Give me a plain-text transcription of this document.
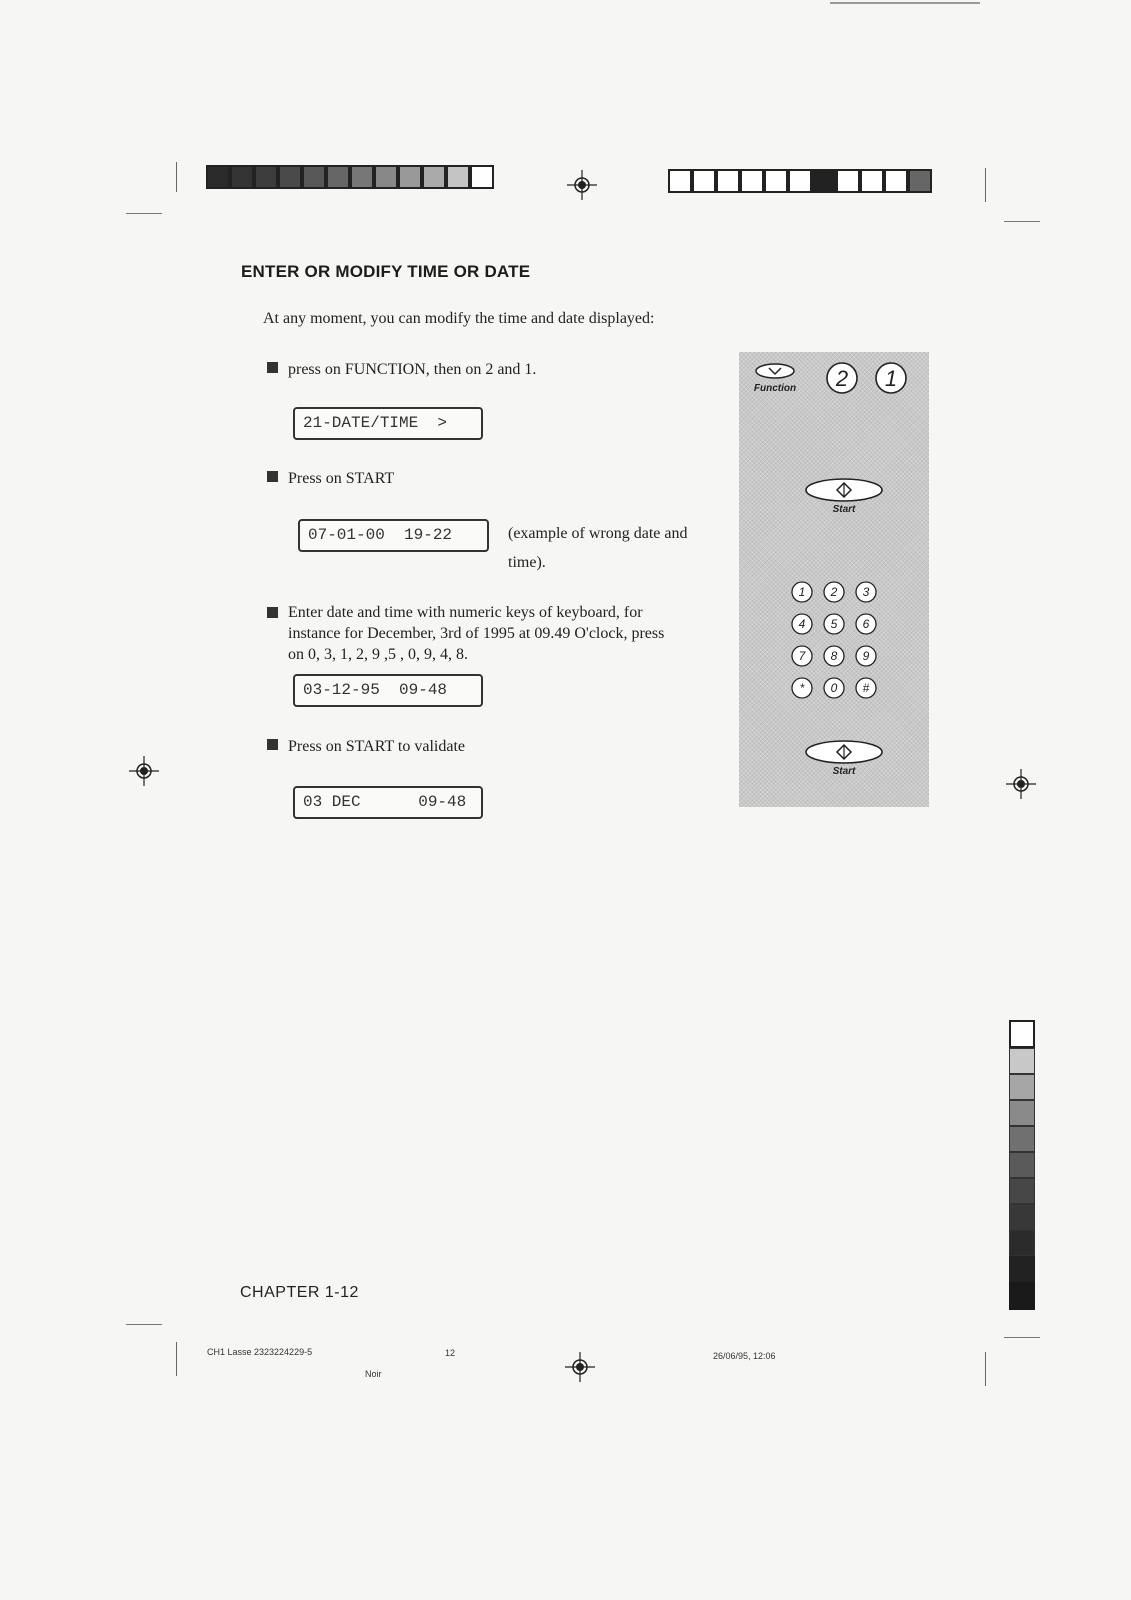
ENTER OR MODIFY TIME OR DATE
At any moment, you can modify the time and date displayed:
press on FUNCTION, then on 2 and 1.
21-DATE/TIME  >
Press on START
07-01-00  19-22	(example of wrong date and
time).
Enter date and time with numeric keys of keyboard, for
instance for December, 3rd of 1995 at 09.49 O'clock, press
on 0, 3, 1, 2, 9 ,5 , 0, 9, 4, 8.
03-12-95  09-48
Press on START to validate
03 DEC      09-48
Function 2 1
Start
1 2 3
4 5 6
7 8 9
* 0 #
Start
CHAPTER 1-12
CH1 Lasse 2323224229-5	12
Noir
26/06/95, 12:06
